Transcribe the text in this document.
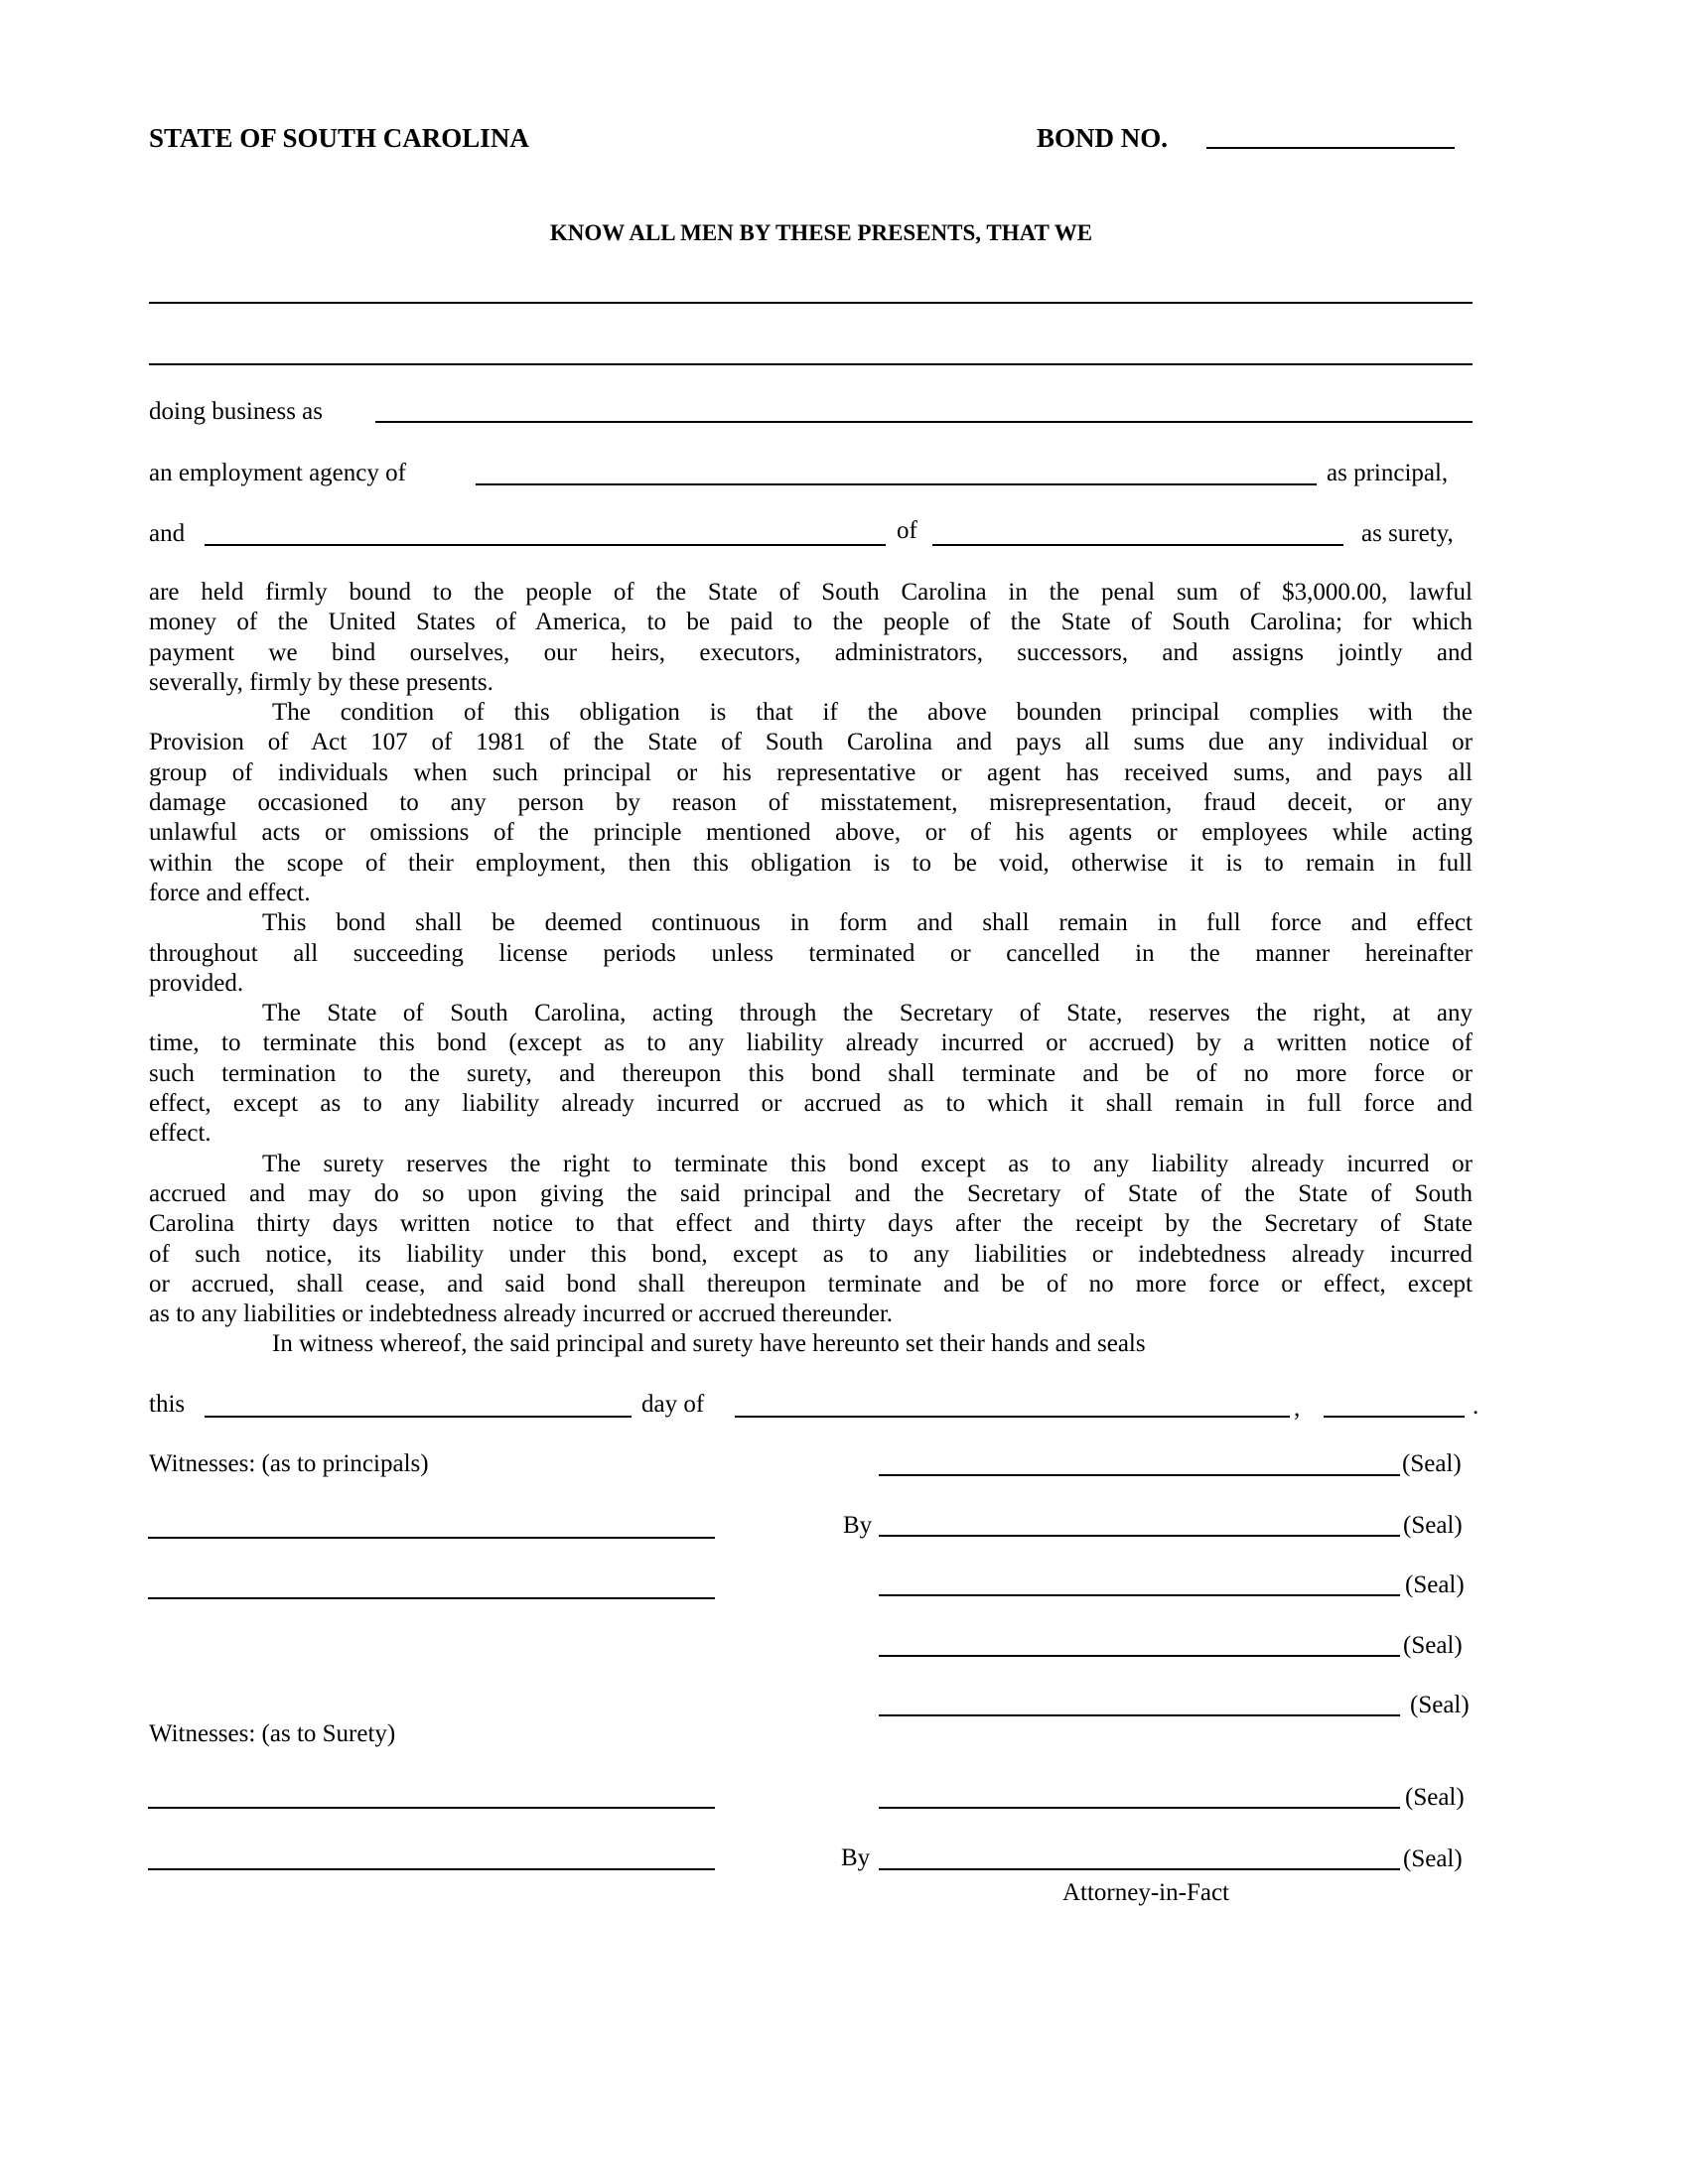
STATE OF SOUTH CAROLINA	BOND NO.
KNOW ALL MEN BY THESE PRESENTS, THAT WE
doing business as
an employment agency of	as principal,
and	of	as surety,
are held firmly bound to the people of the State of South Carolina in the penal sum of $3,000.00, lawful
money of the United States of America, to be paid to the people of the State of South Carolina; for which
payment we bind ourselves, our heirs, executors, administrators, successors, and assigns jointly and
severally, firmly by these presents.
The condition of this obligation is that if the above bounden principal complies with the
Provision of Act 107 of 1981 of the State of South Carolina and pays all sums due any individual or
group of individuals when such principal or his representative or agent has received sums, and pays all
damage occasioned to any person by reason of misstatement, misrepresentation, fraud deceit, or any
unlawful acts or omissions of the principle mentioned above, or of his agents or employees while acting
within the scope of their employment, then this obligation is to be void, otherwise it is to remain in full
force and effect.
This bond shall be deemed continuous in form and shall remain in full force and effect
throughout all succeeding license periods unless terminated or cancelled in the manner hereinafter
provided.
The State of South Carolina, acting through the Secretary of State, reserves the right, at any
time, to terminate this bond (except as to any liability already incurred or accrued) by a written notice of
such termination to the surety, and thereupon this bond shall terminate and be of no more force or
effect, except as to any liability already incurred or accrued as to which it shall remain in full force and
effect.
The surety reserves the right to terminate this bond except as to any liability already incurred or
accrued and may do so upon giving the said principal and the Secretary of State of the State of South
Carolina thirty days written notice to that effect and thirty days after the receipt by the Secretary of State
of such notice, its liability under this bond, except as to any liabilities or indebtedness already incurred
or accrued, shall cease, and said bond shall thereupon terminate and be of no more force or effect, except
as to any liabilities or indebtedness already incurred or accrued thereunder.
In witness whereof, the said principal and surety have hereunto set their hands and seals
this	day of	,	.
Witnesses: (as to principals)
Witnesses: (as to Surety)
(Seal)
By	(Seal)
(Seal)
(Seal)
(Seal)
(Seal)
By	(Seal)
Attorney-in-Fact
